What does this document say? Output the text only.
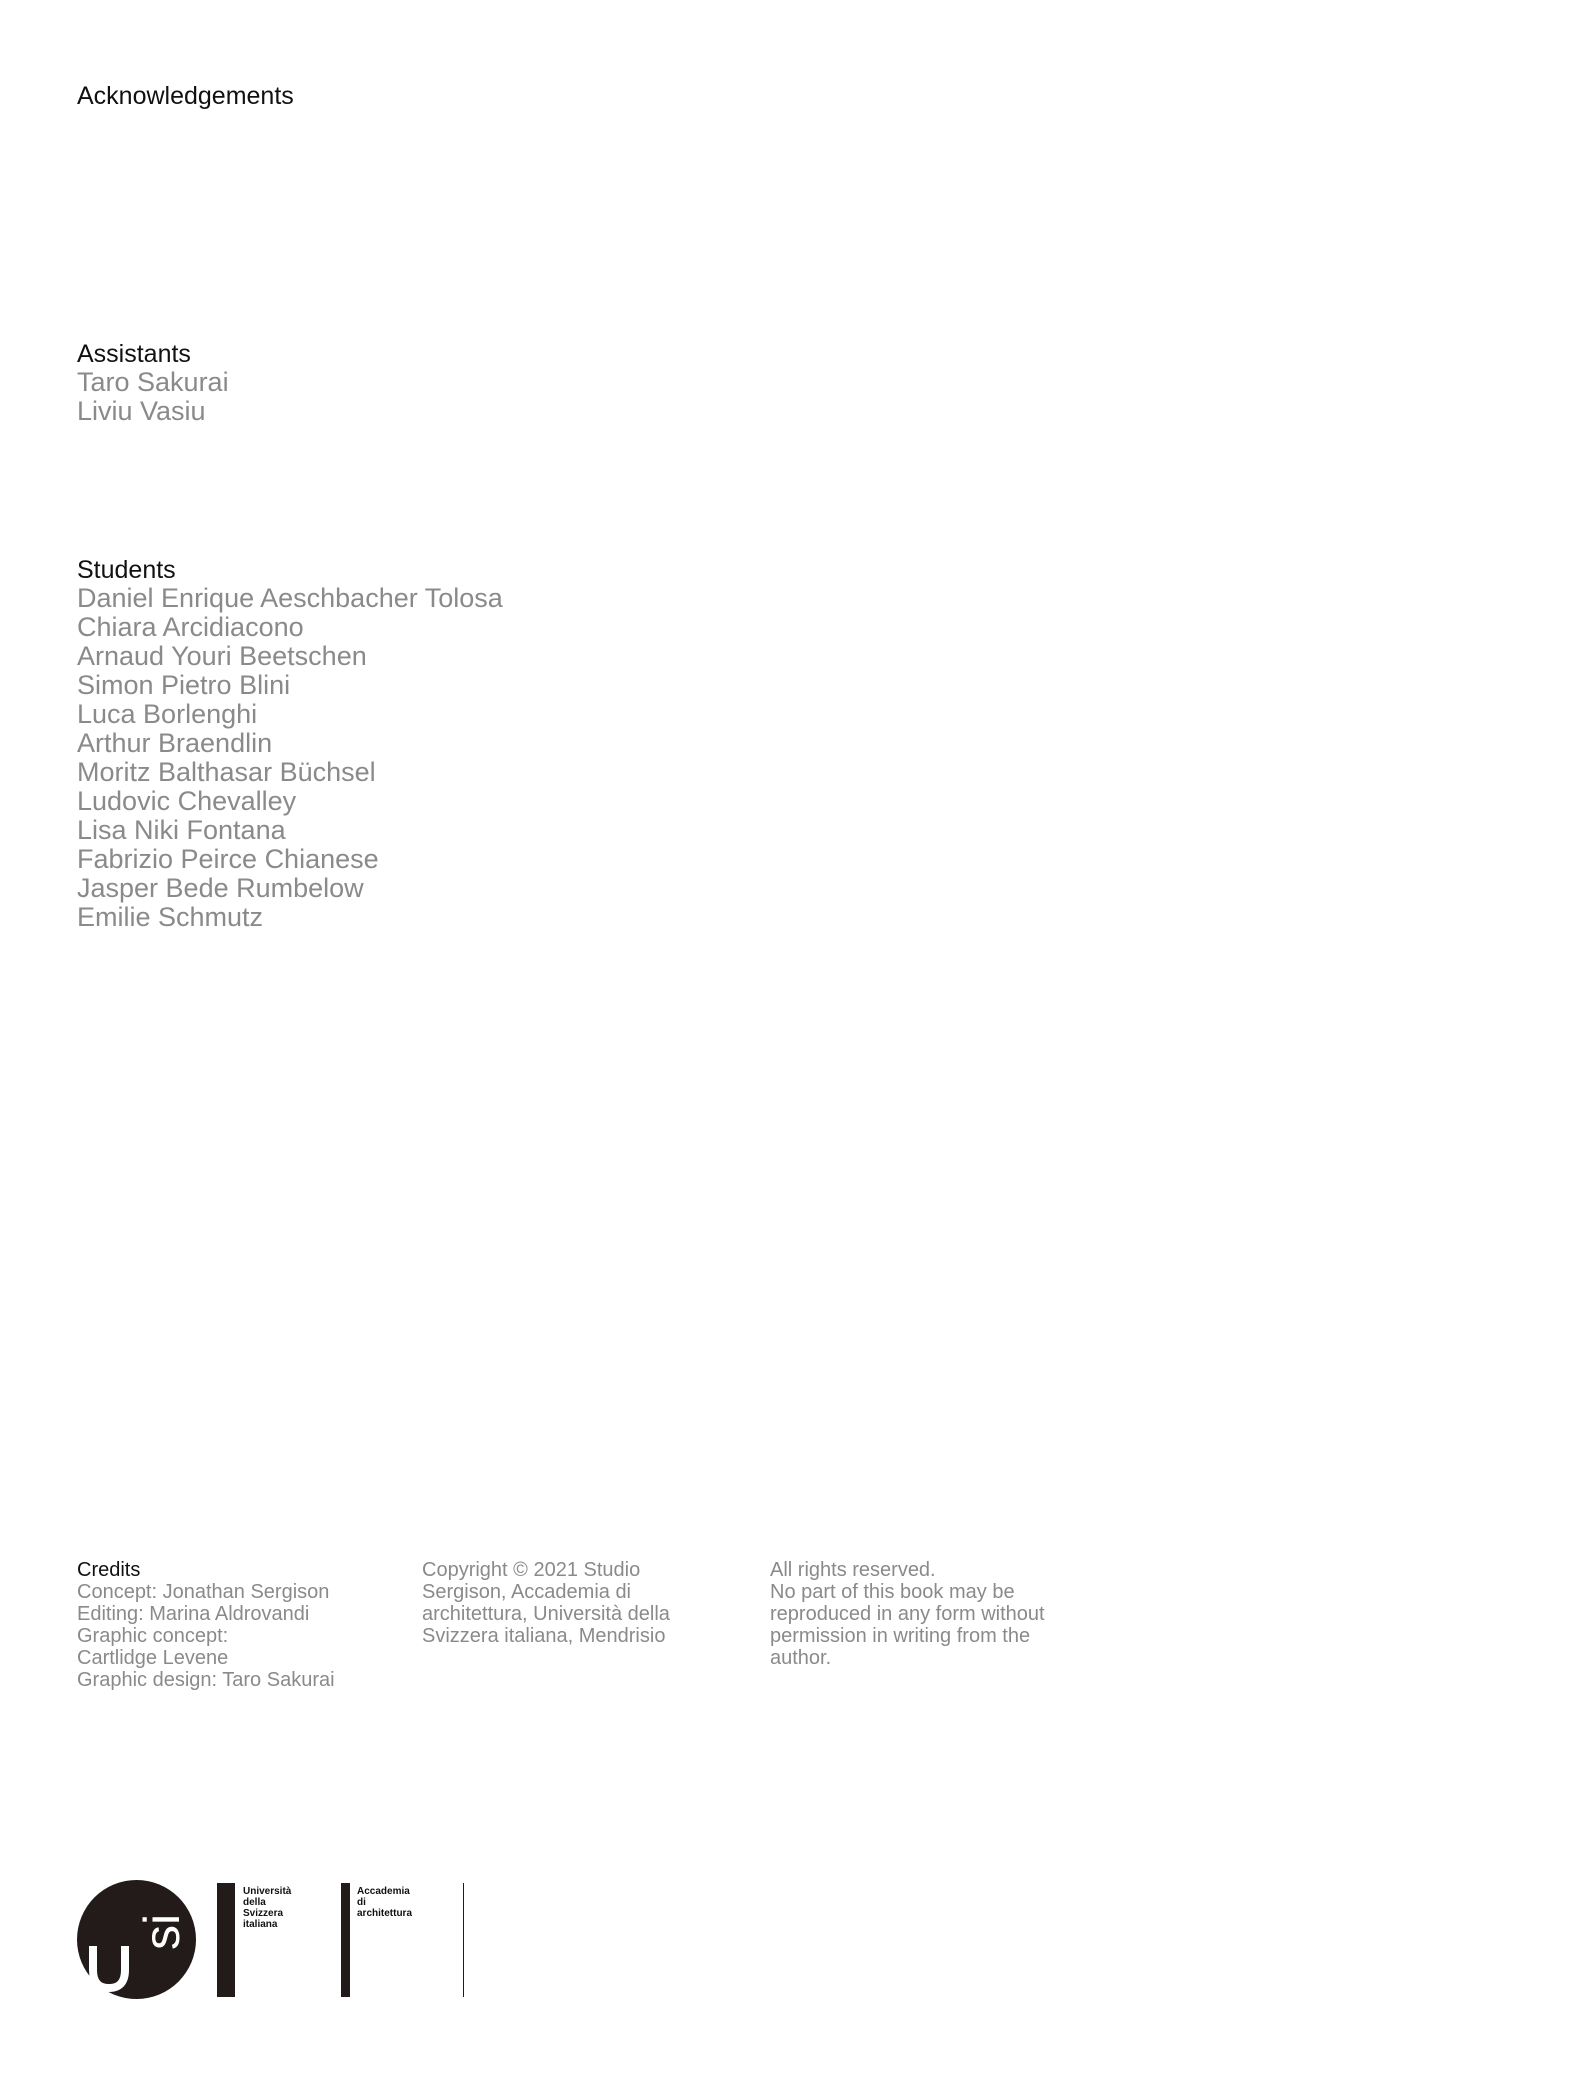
Acknowledgements
Assistants
Taro Sakurai
Liviu Vasiu
Students
Daniel Enrique Aeschbacher Tolosa
Chiara Arcidiacono
Arnaud Youri Beetschen
Simon Pietro Blini
Luca Borlenghi
Arthur Braendlin
Moritz Balthasar Büchsel
Ludovic Chevalley
Lisa Niki Fontana
Fabrizio Peirce Chianese
Jasper Bede Rumbelow
Emilie Schmutz
Credits
Concept: Jonathan Sergison
Editing: Marina Aldrovandi
Graphic concept:
Cartlidge Levene
Graphic design: Taro Sakurai
Copyright © 2021 Studio
Sergison, Accademia di
architettura, Università della
Svizzera italiana, Mendrisio
All rights reserved.
No part of this book may be
reproduced in any form without
permission in writing from the
author.
si
Università
della
Svizzera
italiana
Accademia
di
architettura
